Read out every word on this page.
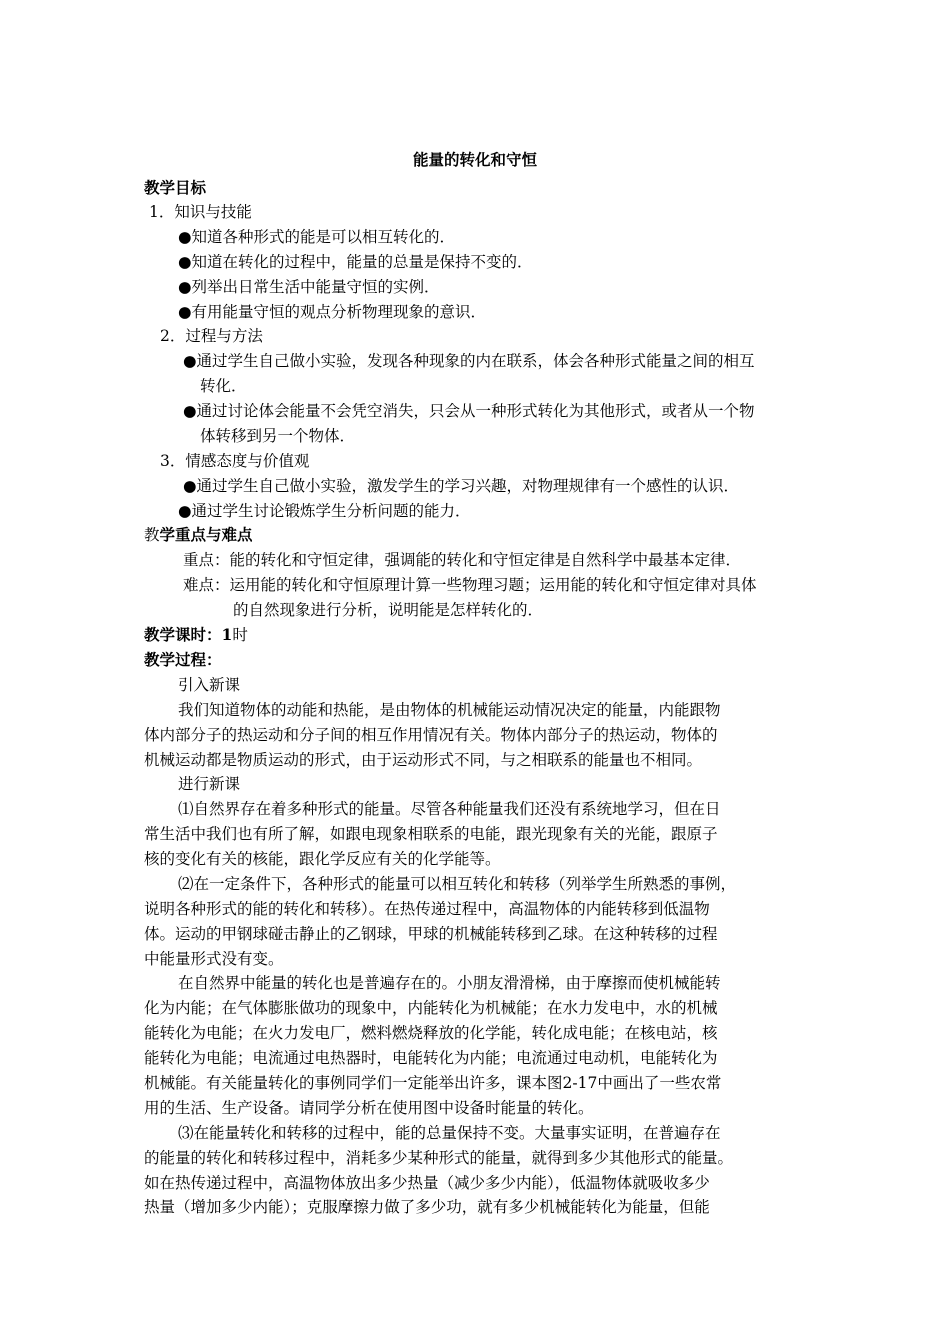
能量的转化和守恒

教学目标

1．知识与技能

●知道各种形式的能是可以相互转化的．

●知道在转化的过程中，能量的总量是保持不变的．

●列举出日常生活中能量守恒的实例．

●有用能量守恒的观点分析物理现象的意识．

2．过程与方法

●通过学生自己做小实验，发现各种现象的内在联系，体会各种形式能量之间的相互

转化．

●通过讨论体会能量不会凭空消失，只会从一种形式转化为其他形式，或者从一个物

体转移到另一个物体．

3．情感态度与价值观

●通过学生自己做小实验，激发学生的学习兴趣，对物理规律有一个感性的认识．

●通过学生讨论锻炼学生分析问题的能力．

教学重点与难点

重点：能的转化和守恒定律，强调能的转化和守恒定律是自然科学中最基本定律．

难点：运用能的转化和守恒原理计算一些物理习题；运用能的转化和守恒定律对具体

的自然现象进行分析，说明能是怎样转化的．

教学课时：1时

教学过程：

引入新课

我们知道物体的动能和热能，是由物体的机械能运动情况决定的能量，内能跟物

体内部分子的热运动和分子间的相互作用情况有关。物体内部分子的热运动，物体的

机械运动都是物质运动的形式，由于运动形式不同，与之相联系的能量也不相同。

进行新课

⑴自然界存在着多种形式的能量。尽管各种能量我们还没有系统地学习，但在日

常生活中我们也有所了解，如跟电现象相联系的电能，跟光现象有关的光能，跟原子

核的变化有关的核能，跟化学反应有关的化学能等。

⑵在一定条件下，各种形式的能量可以相互转化和转移（列举学生所熟悉的事例，

说明各种形式的能的转化和转移）。在热传递过程中，高温物体的内能转移到低温物

体。运动的甲钢球碰击静止的乙钢球，甲球的机械能转移到乙球。在这种转移的过程

中能量形式没有变。

在自然界中能量的转化也是普遍存在的。小朋友滑滑梯，由于摩擦而使机械能转

化为内能；在气体膨胀做功的现象中，内能转化为机械能；在水力发电中，水的机械

能转化为电能；在火力发电厂，燃料燃烧释放的化学能，转化成电能；在核电站，核

能转化为电能；电流通过电热器时，电能转化为内能；电流通过电动机，电能转化为

机械能。有关能量转化的事例同学们一定能举出许多，课本图2-17中画出了一些农常

用的生活、生产设备。请同学分析在使用图中设备时能量的转化。

⑶在能量转化和转移的过程中，能的总量保持不变。大量事实证明，在普遍存在

的能量的转化和转移过程中，消耗多少某种形式的能量，就得到多少其他形式的能量。

如在热传递过程中，高温物体放出多少热量（减少多少内能），低温物体就吸收多少

热量（增加多少内能）；克服摩擦力做了多少功，就有多少机械能转化为能量，但能
